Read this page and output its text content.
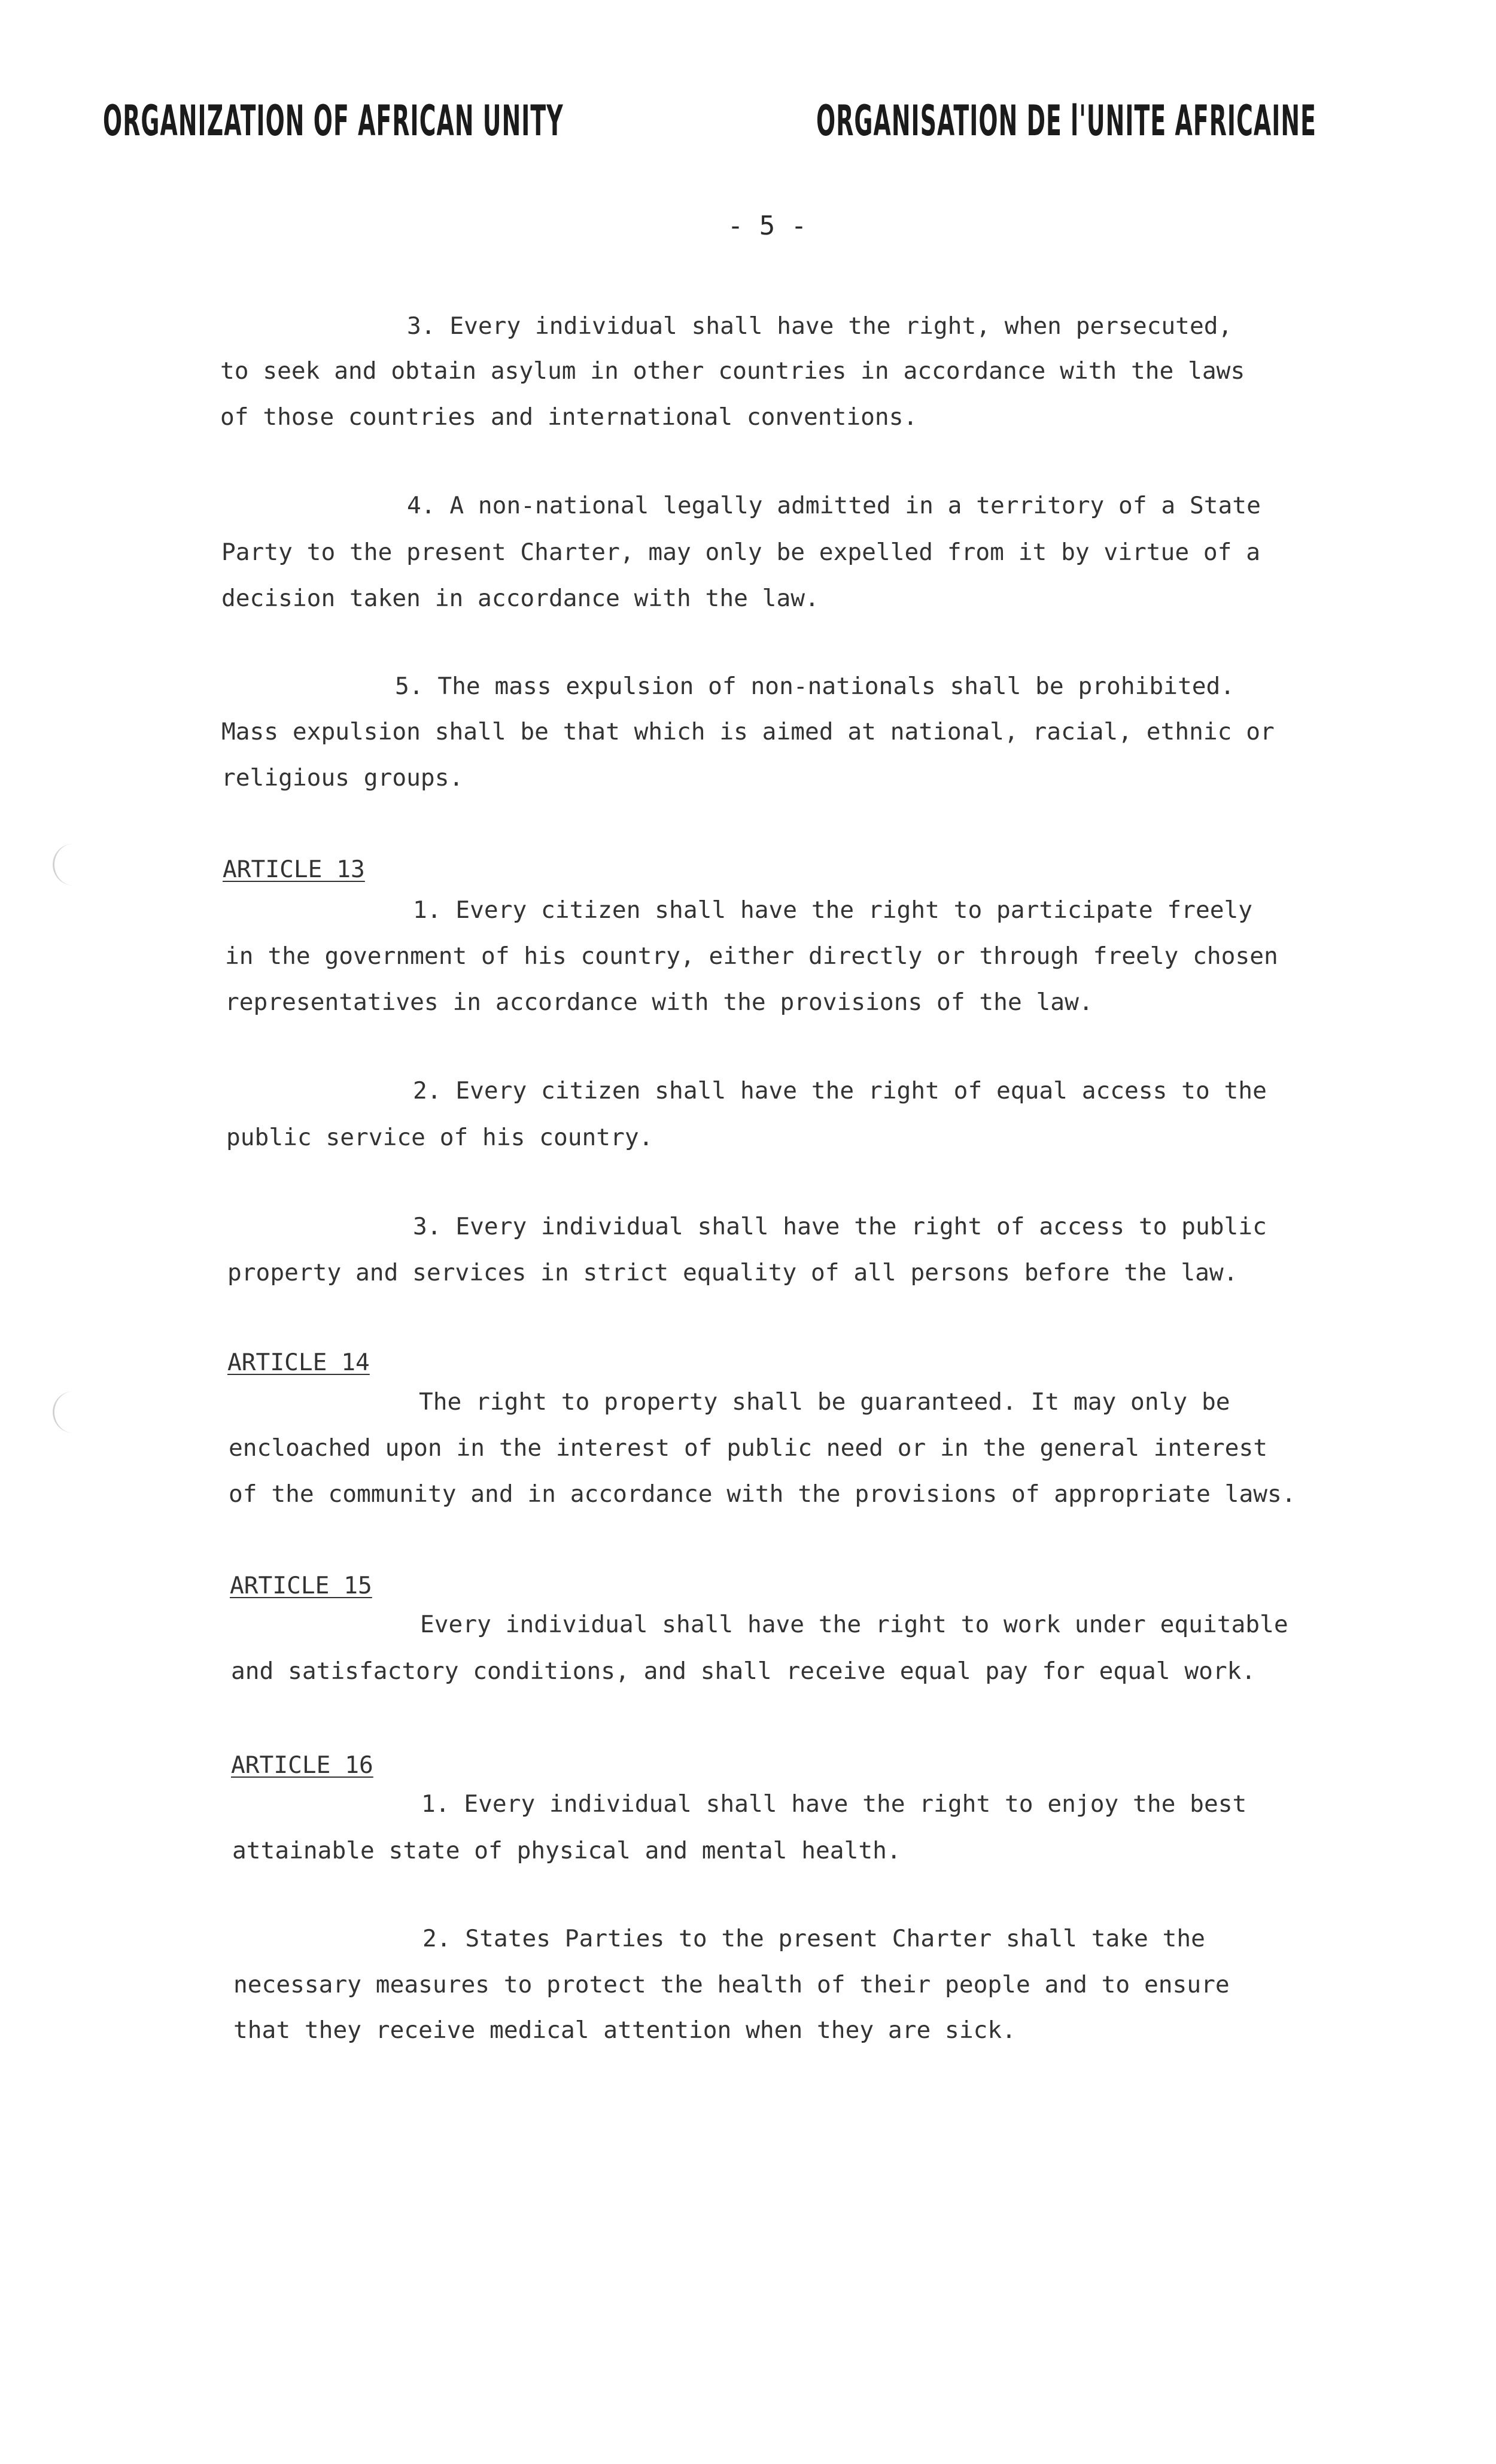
ORGANIZATION OF AFRICAN UNITY	ORGANISATION DE l'UNITE AFRICAINE
- 5 -
3. Every individual shall have the right, when persecuted,
to seek and obtain asylum in other countries in accordance with the laws
of those countries and international conventions.
4. A non-national legally admitted in a territory of a State
Party to the present Charter, may only be expelled from it by virtue of a
decision taken in accordance with the law.
5. The mass expulsion of non-nationals shall be prohibited.
Mass expulsion shall be that which is aimed at national, racial, ethnic or
religious groups.
ARTICLE 13
1. Every citizen shall have the right to participate freely
in the government of his country, either directly or through freely chosen
representatives in accordance with the provisions of the law.
2. Every citizen shall have the right of equal access to the
public service of his country.
3. Every individual shall have the right of access to public
property and services in strict equality of all persons before the law.
ARTICLE 14
The right to property shall be guaranteed. It may only be
encloached upon in the interest of public need or in the general interest
of the community and in accordance with the provisions of appropriate laws.
ARTICLE 15
Every individual shall have the right to work under equitable
and satisfactory conditions, and shall receive equal pay for equal work.
ARTICLE 16
1. Every individual shall have the right to enjoy the best
attainable state of physical and mental health.
2. States Parties to the present Charter shall take the
necessary measures to protect the health of their people and to ensure
that they receive medical attention when they are sick.
